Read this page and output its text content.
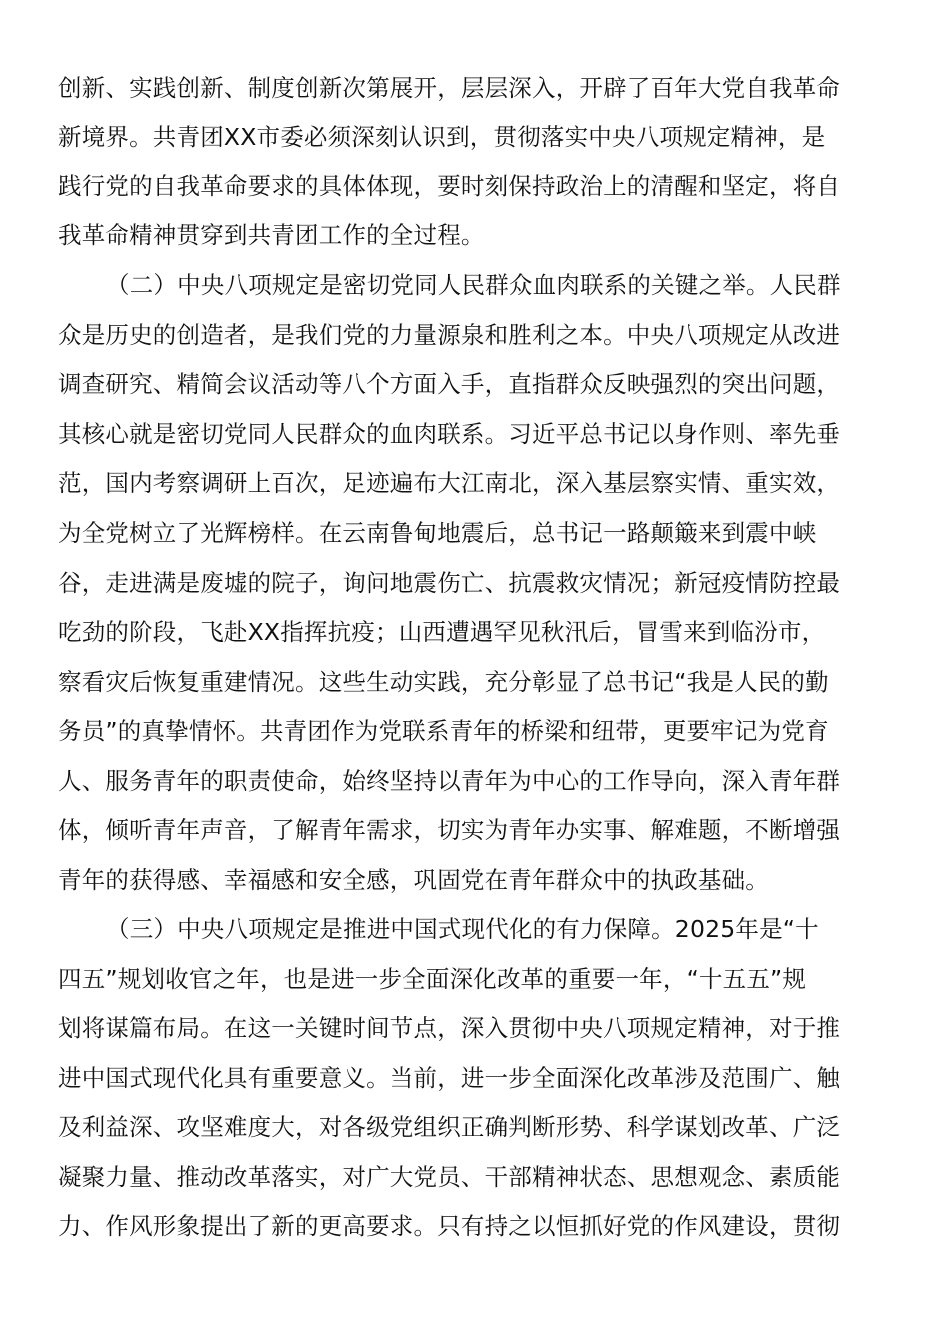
创新、实践创新、制度创新次第展开，层层深入，开辟了百年大党自我革命
新境界。共青团XX市委必须深刻认识到，贯彻落实中央八项规定精神，是
践行党的自我革命要求的具体体现，要时刻保持政治上的清醒和坚定，将自
我革命精神贯穿到共青团工作的全过程。
（二）中央八项规定是密切党同人民群众血肉联系的关键之举。人民群
众是历史的创造者，是我们党的力量源泉和胜利之本。中央八项规定从改进
调查研究、精简会议活动等八个方面入手，直指群众反映强烈的突出问题，
其核心就是密切党同人民群众的血肉联系。习近平总书记以身作则、率先垂
范，国内考察调研上百次，足迹遍布大江南北，深入基层察实情、重实效，
为全党树立了光辉榜样。在云南鲁甸地震后，总书记一路颠簸来到震中峡
谷，走进满是废墟的院子，询问地震伤亡、抗震救灾情况；新冠疫情防控最
吃劲的阶段，飞赴XX指挥抗疫；山西遭遇罕见秋汛后，冒雪来到临汾市，
察看灾后恢复重建情况。这些生动实践，充分彰显了总书记“我是人民的勤
务员”的真挚情怀。共青团作为党联系青年的桥梁和纽带，更要牢记为党育
人、服务青年的职责使命，始终坚持以青年为中心的工作导向，深入青年群
体，倾听青年声音，了解青年需求，切实为青年办实事、解难题，不断增强
青年的获得感、幸福感和安全感，巩固党在青年群众中的执政基础。
（三）中央八项规定是推进中国式现代化的有力保障。2025年是“十
四五”规划收官之年，也是进一步全面深化改革的重要一年，“十五五”规
划将谋篇布局。在这一关键时间节点，深入贯彻中央八项规定精神，对于推
进中国式现代化具有重要意义。当前，进一步全面深化改革涉及范围广、触
及利益深、攻坚难度大，对各级党组织正确判断形势、科学谋划改革、广泛
凝聚力量、推动改革落实，对广大党员、干部精神状态、思想观念、素质能
力、作风形象提出了新的更高要求。只有持之以恒抓好党的作风建设，贯彻
